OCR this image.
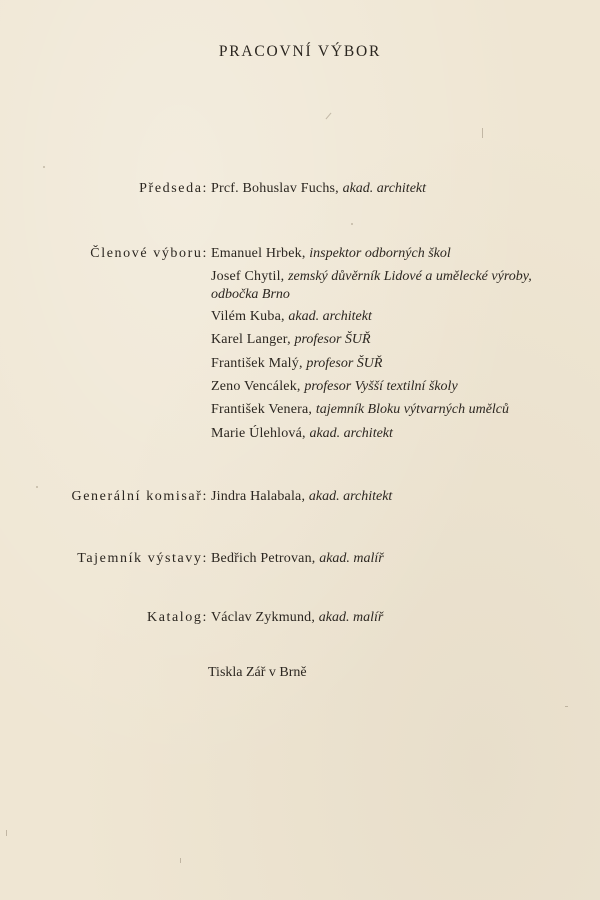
PRACOVNÍ VÝBOR
Předseda: Prcf. Bohuslav Fuchs, akad. architekt
Členové výboru: Emanuel Hrbek, inspektor odborných škol
Josef Chytil, zemský důvěrník Lidové a umělecké výroby,
odbočka Brno
Vilém Kuba, akad. architekt
Karel Langer, profesor ŠUŘ
František Malý, profesor ŠUŘ
Zeno Vencálek, profesor Vyšší textilní školy
František Venera, tajemník Bloku výtvarných umělců
Marie Úlehlová, akad. architekt
Generální komisař: Jindra Halabala, akad. architekt
Tajemník výstavy: Bedřich Petrovan, akad. malíř
Katalog: Václav Zykmund, akad. malíř
Tiskla Zář v Brně
